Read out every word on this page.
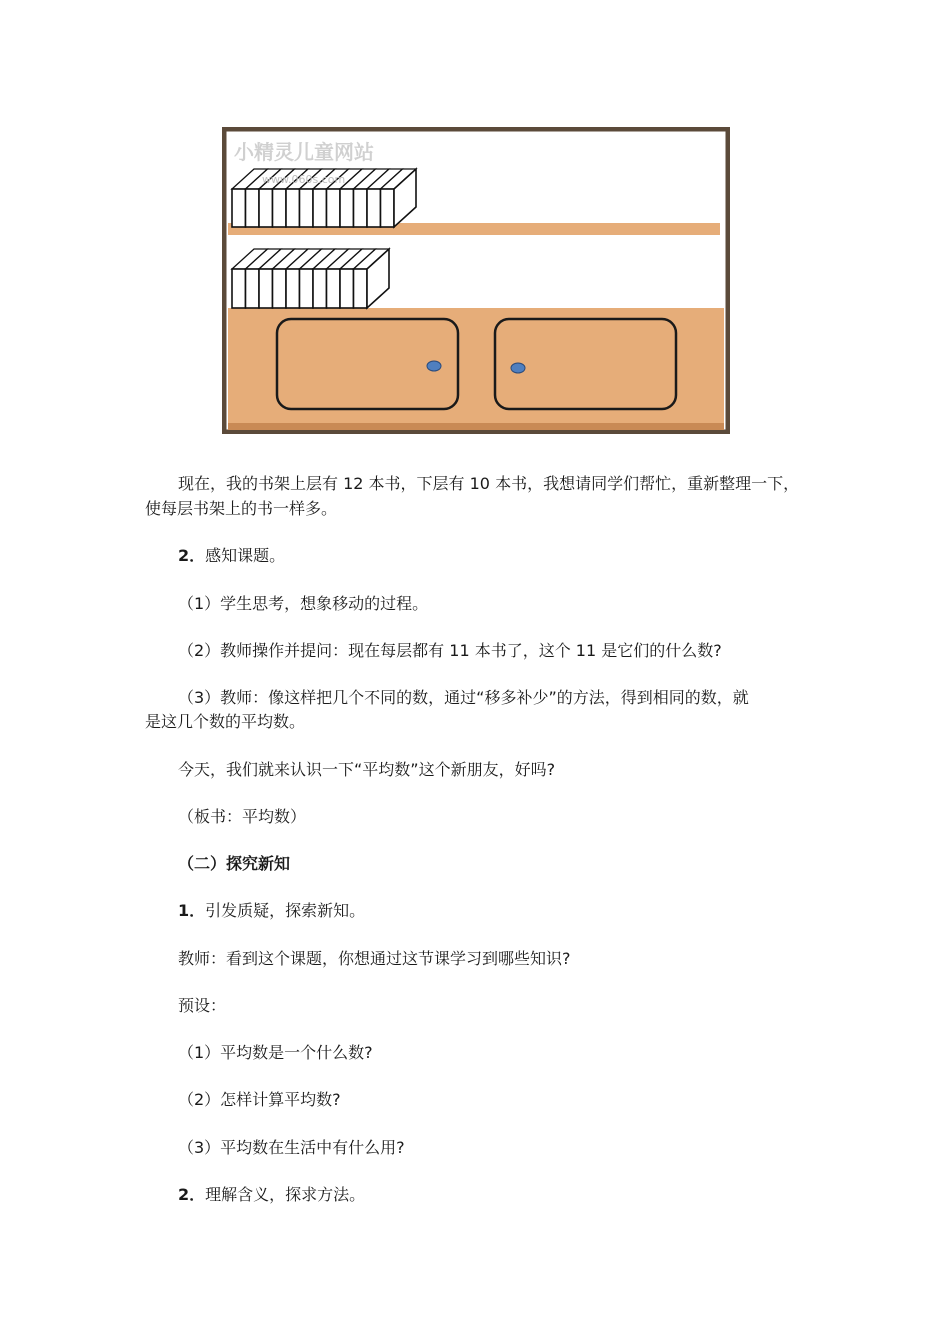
小精灵儿童网站
www.060s.com
现在，我的书架上层有 12 本书，下层有 10 本书，我想请同学们帮忙，重新整理一下，
使每层书架上的书一样多。
2．感知课题。
（1）学生思考，想象移动的过程。
（2）教师操作并提问：现在每层都有 11 本书了，这个 11 是它们的什么数?
（3）教师：像这样把几个不同的数，通过“移多补少”的方法，得到相同的数，就
是这几个数的平均数。
今天，我们就来认识一下“平均数”这个新朋友，好吗?
（板书：平均数）
（二）探究新知
1．引发质疑，探索新知。
教师：看到这个课题，你想通过这节课学习到哪些知识?
预设：
（1）平均数是一个什么数?
（2）怎样计算平均数?
（3）平均数在生活中有什么用?
2．理解含义，探求方法。
